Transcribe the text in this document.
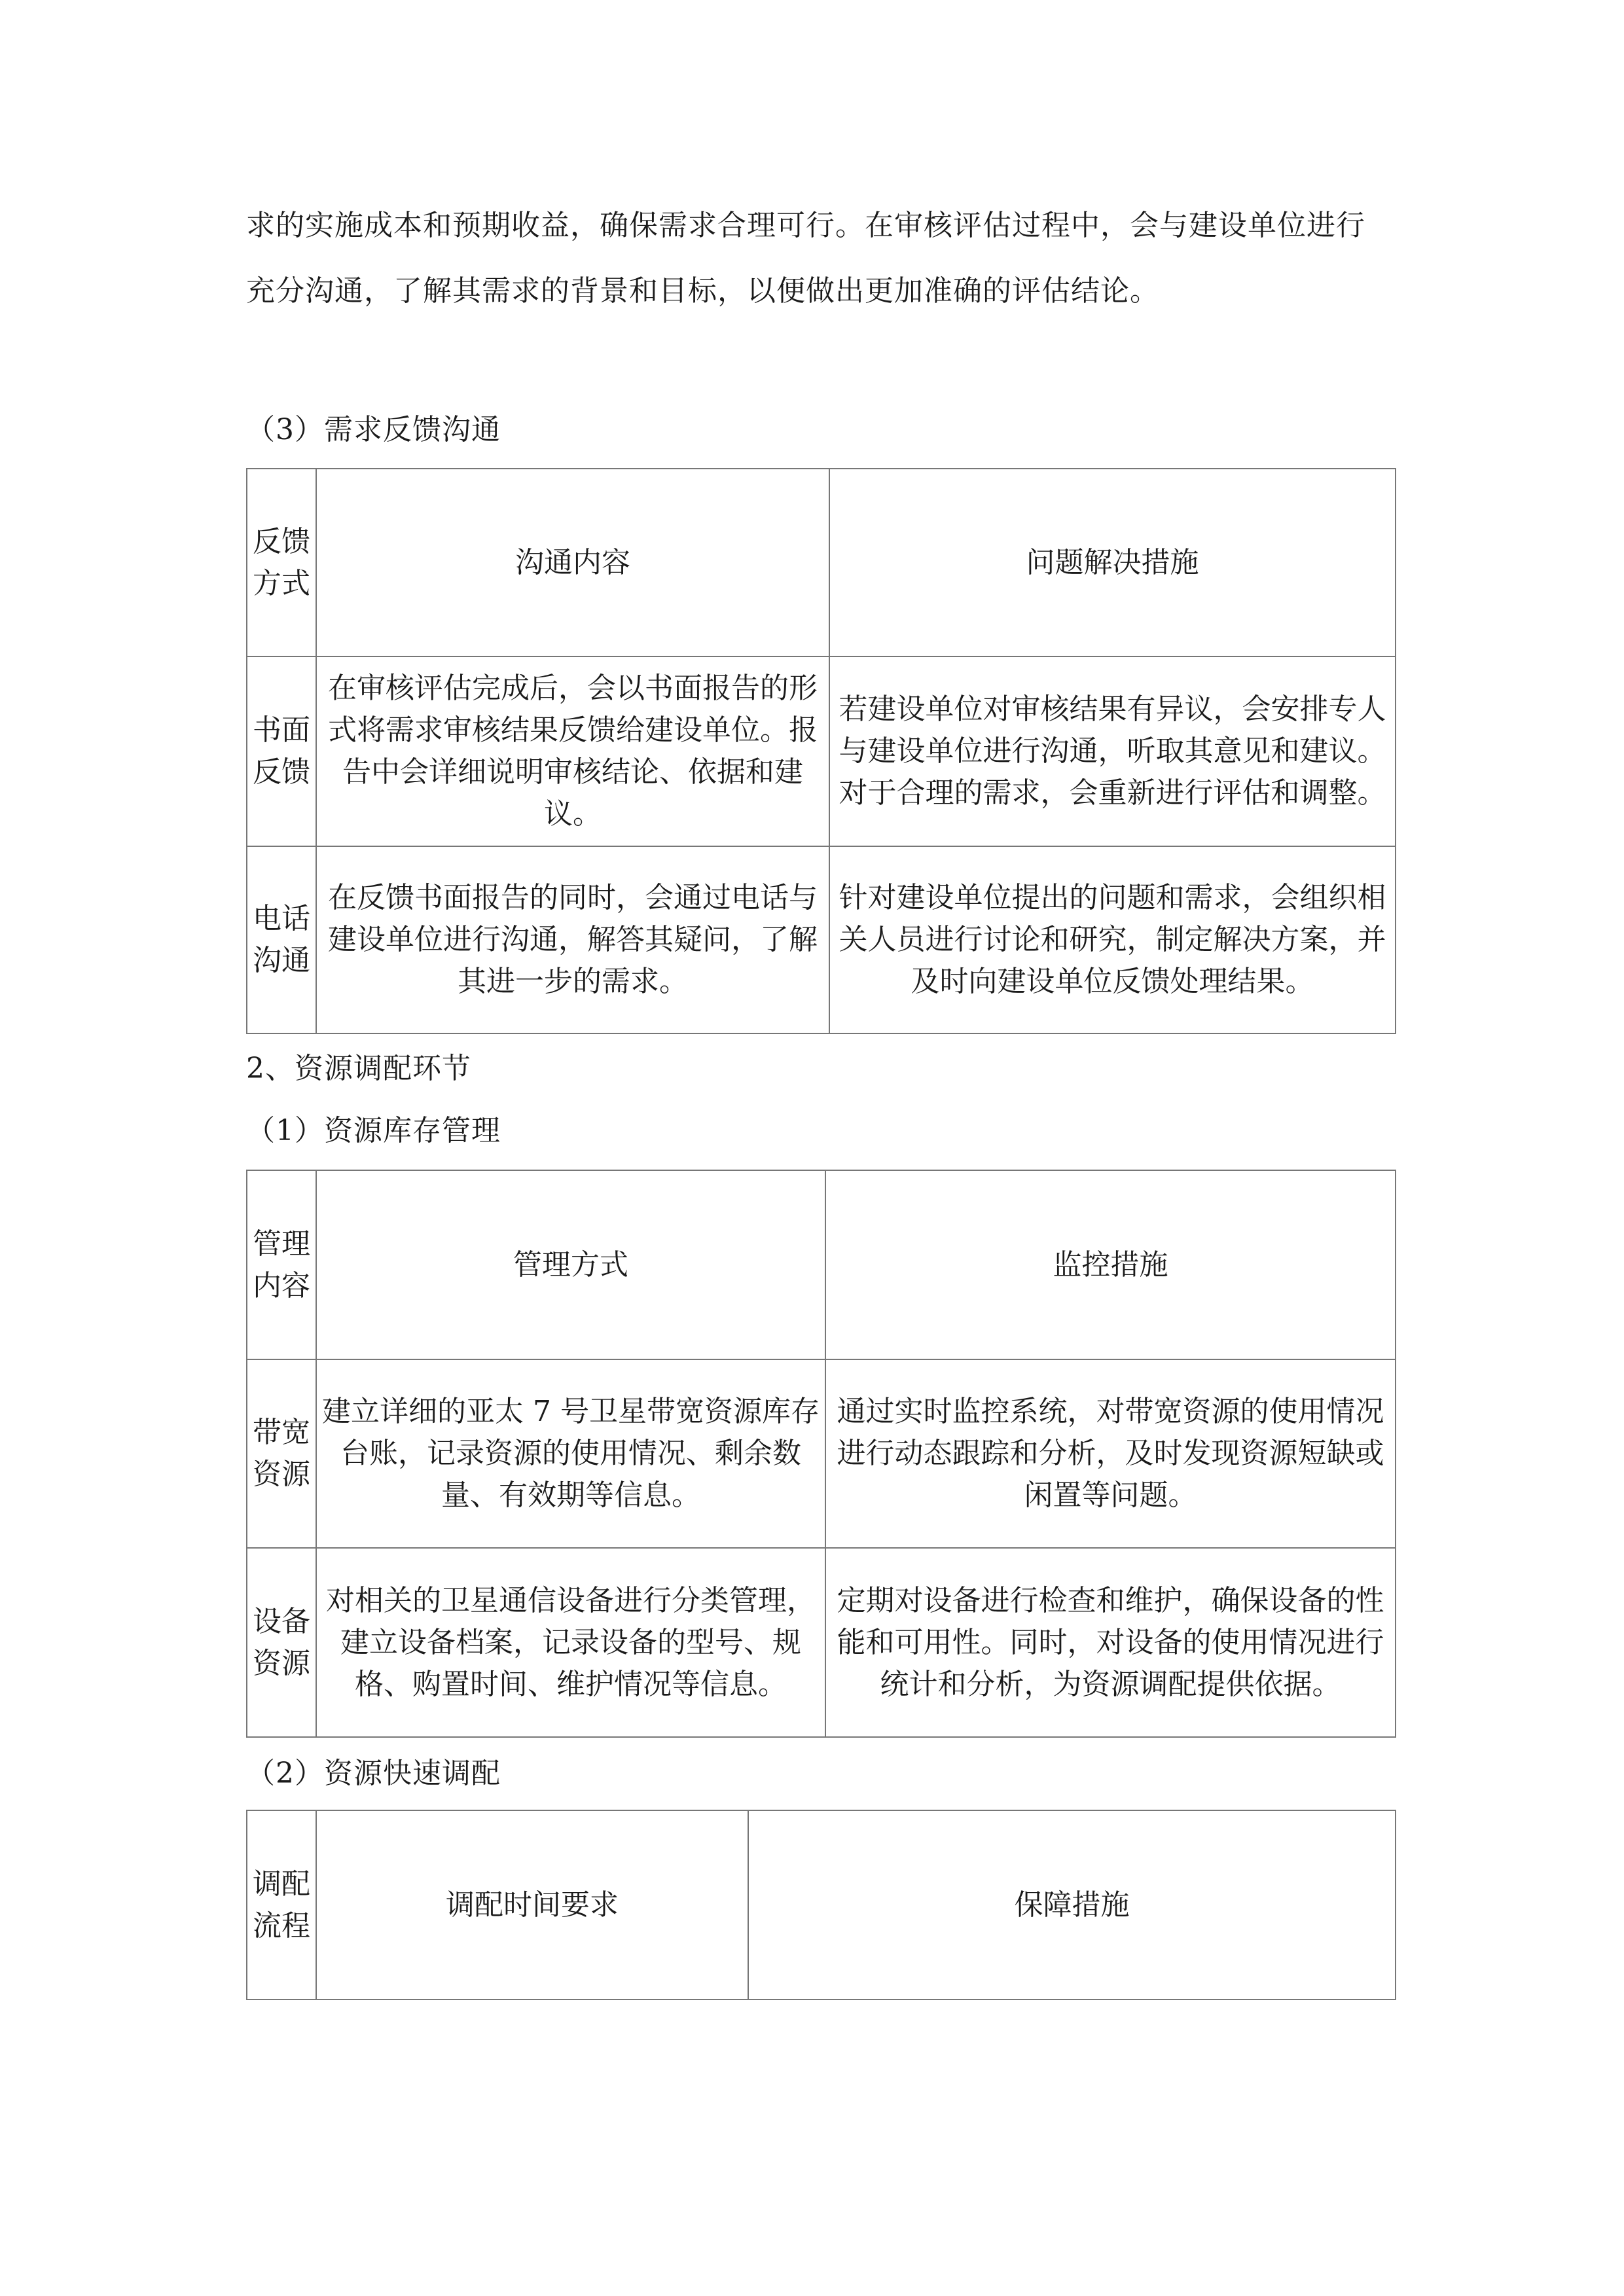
求的实施成本和预期收益，确保需求合理可行。在审核评估过程中，会与建设单位进行充分沟通，了解其需求的背景和目标，以便做出更加准确的评估结论。
（3）需求反馈沟通
反馈方式	沟通内容	问题解决措施
书面反馈	在审核评估完成后，会以书面报告的形式将需求审核结果反馈给建设单位。报告中会详细说明审核结论、依据和建议。	若建设单位对审核结果有异议，会安排专人与建设单位进行沟通，听取其意见和建议。对于合理的需求，会重新进行评估和调整。
电话沟通	在反馈书面报告的同时，会通过电话与建设单位进行沟通，解答其疑问，了解其进一步的需求。	针对建设单位提出的问题和需求，会组织相关人员进行讨论和研究，制定解决方案，并及时向建设单位反馈处理结果。
2、资源调配环节
（1）资源库存管理
管理内容	管理方式	监控措施
带宽资源	建立详细的亚太 7 号卫星带宽资源库存台账，记录资源的使用情况、剩余数量、有效期等信息。	通过实时监控系统，对带宽资源的使用情况进行动态跟踪和分析，及时发现资源短缺或闲置等问题。
设备资源	对相关的卫星通信设备进行分类管理，建立设备档案，记录设备的型号、规格、购置时间、维护情况等信息。	定期对设备进行检查和维护，确保设备的性能和可用性。同时，对设备的使用情况进行统计和分析，为资源调配提供依据。
（2）资源快速调配
调配流程	调配时间要求	保障措施
